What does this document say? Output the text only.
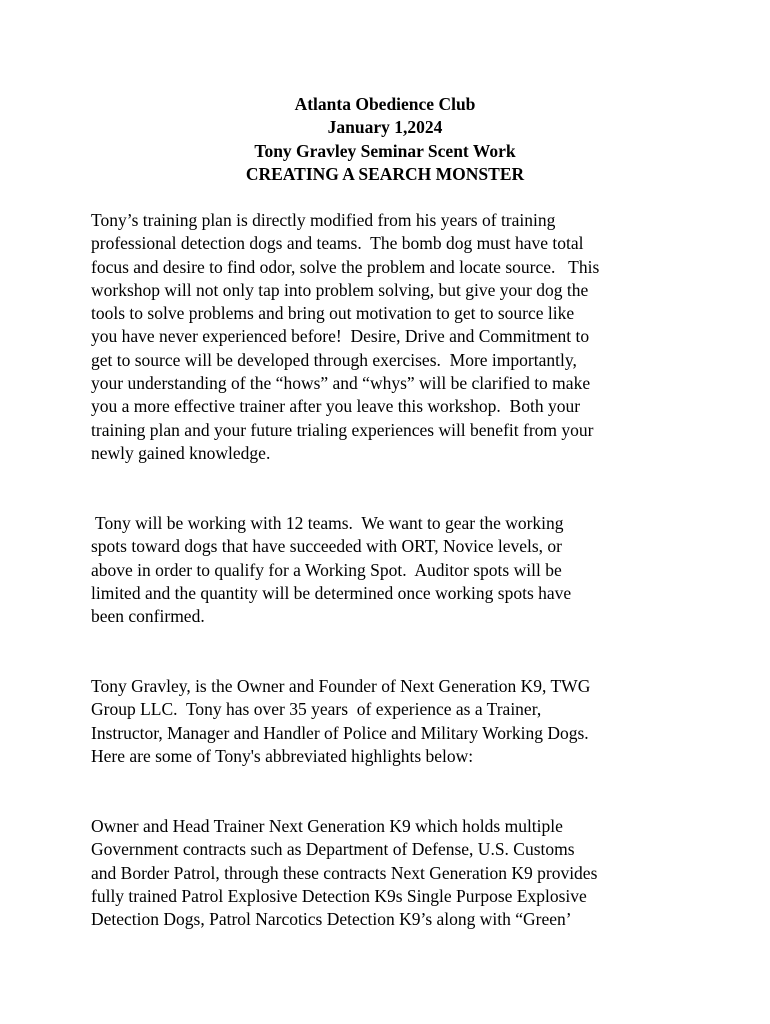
Atlanta Obedience Club
January 1,2024
Tony Gravley Seminar Scent Work
CREATING A SEARCH MONSTER
Tony’s training plan is directly modified from his years of training
professional detection dogs and teams.  The bomb dog must have total
focus and desire to find odor, solve the problem and locate source.   This
workshop will not only tap into problem solving, but give your dog the
tools to solve problems and bring out motivation to get to source like
you have never experienced before!  Desire, Drive and Commitment to
get to source will be developed through exercises.  More importantly,
your understanding of the “hows” and “whys” will be clarified to make
you a more effective trainer after you leave this workshop.  Both your
training plan and your future trialing experiences will benefit from your
newly gained knowledge.
Tony will be working with 12 teams.  We want to gear the working
spots toward dogs that have succeeded with ORT, Novice levels, or
above in order to qualify for a Working Spot.  Auditor spots will be
limited and the quantity will be determined once working spots have
been confirmed.
Tony Gravley, is the Owner and Founder of Next Generation K9, TWG
Group LLC.  Tony has over 35 years  of experience as a Trainer,
Instructor, Manager and Handler of Police and Military Working Dogs.
Here are some of Tony's abbreviated highlights below:
Owner and Head Trainer Next Generation K9 which holds multiple
Government contracts such as Department of Defense, U.S. Customs
and Border Patrol, through these contracts Next Generation K9 provides
fully trained Patrol Explosive Detection K9s Single Purpose Explosive
Detection Dogs, Patrol Narcotics Detection K9’s along with “Green’
